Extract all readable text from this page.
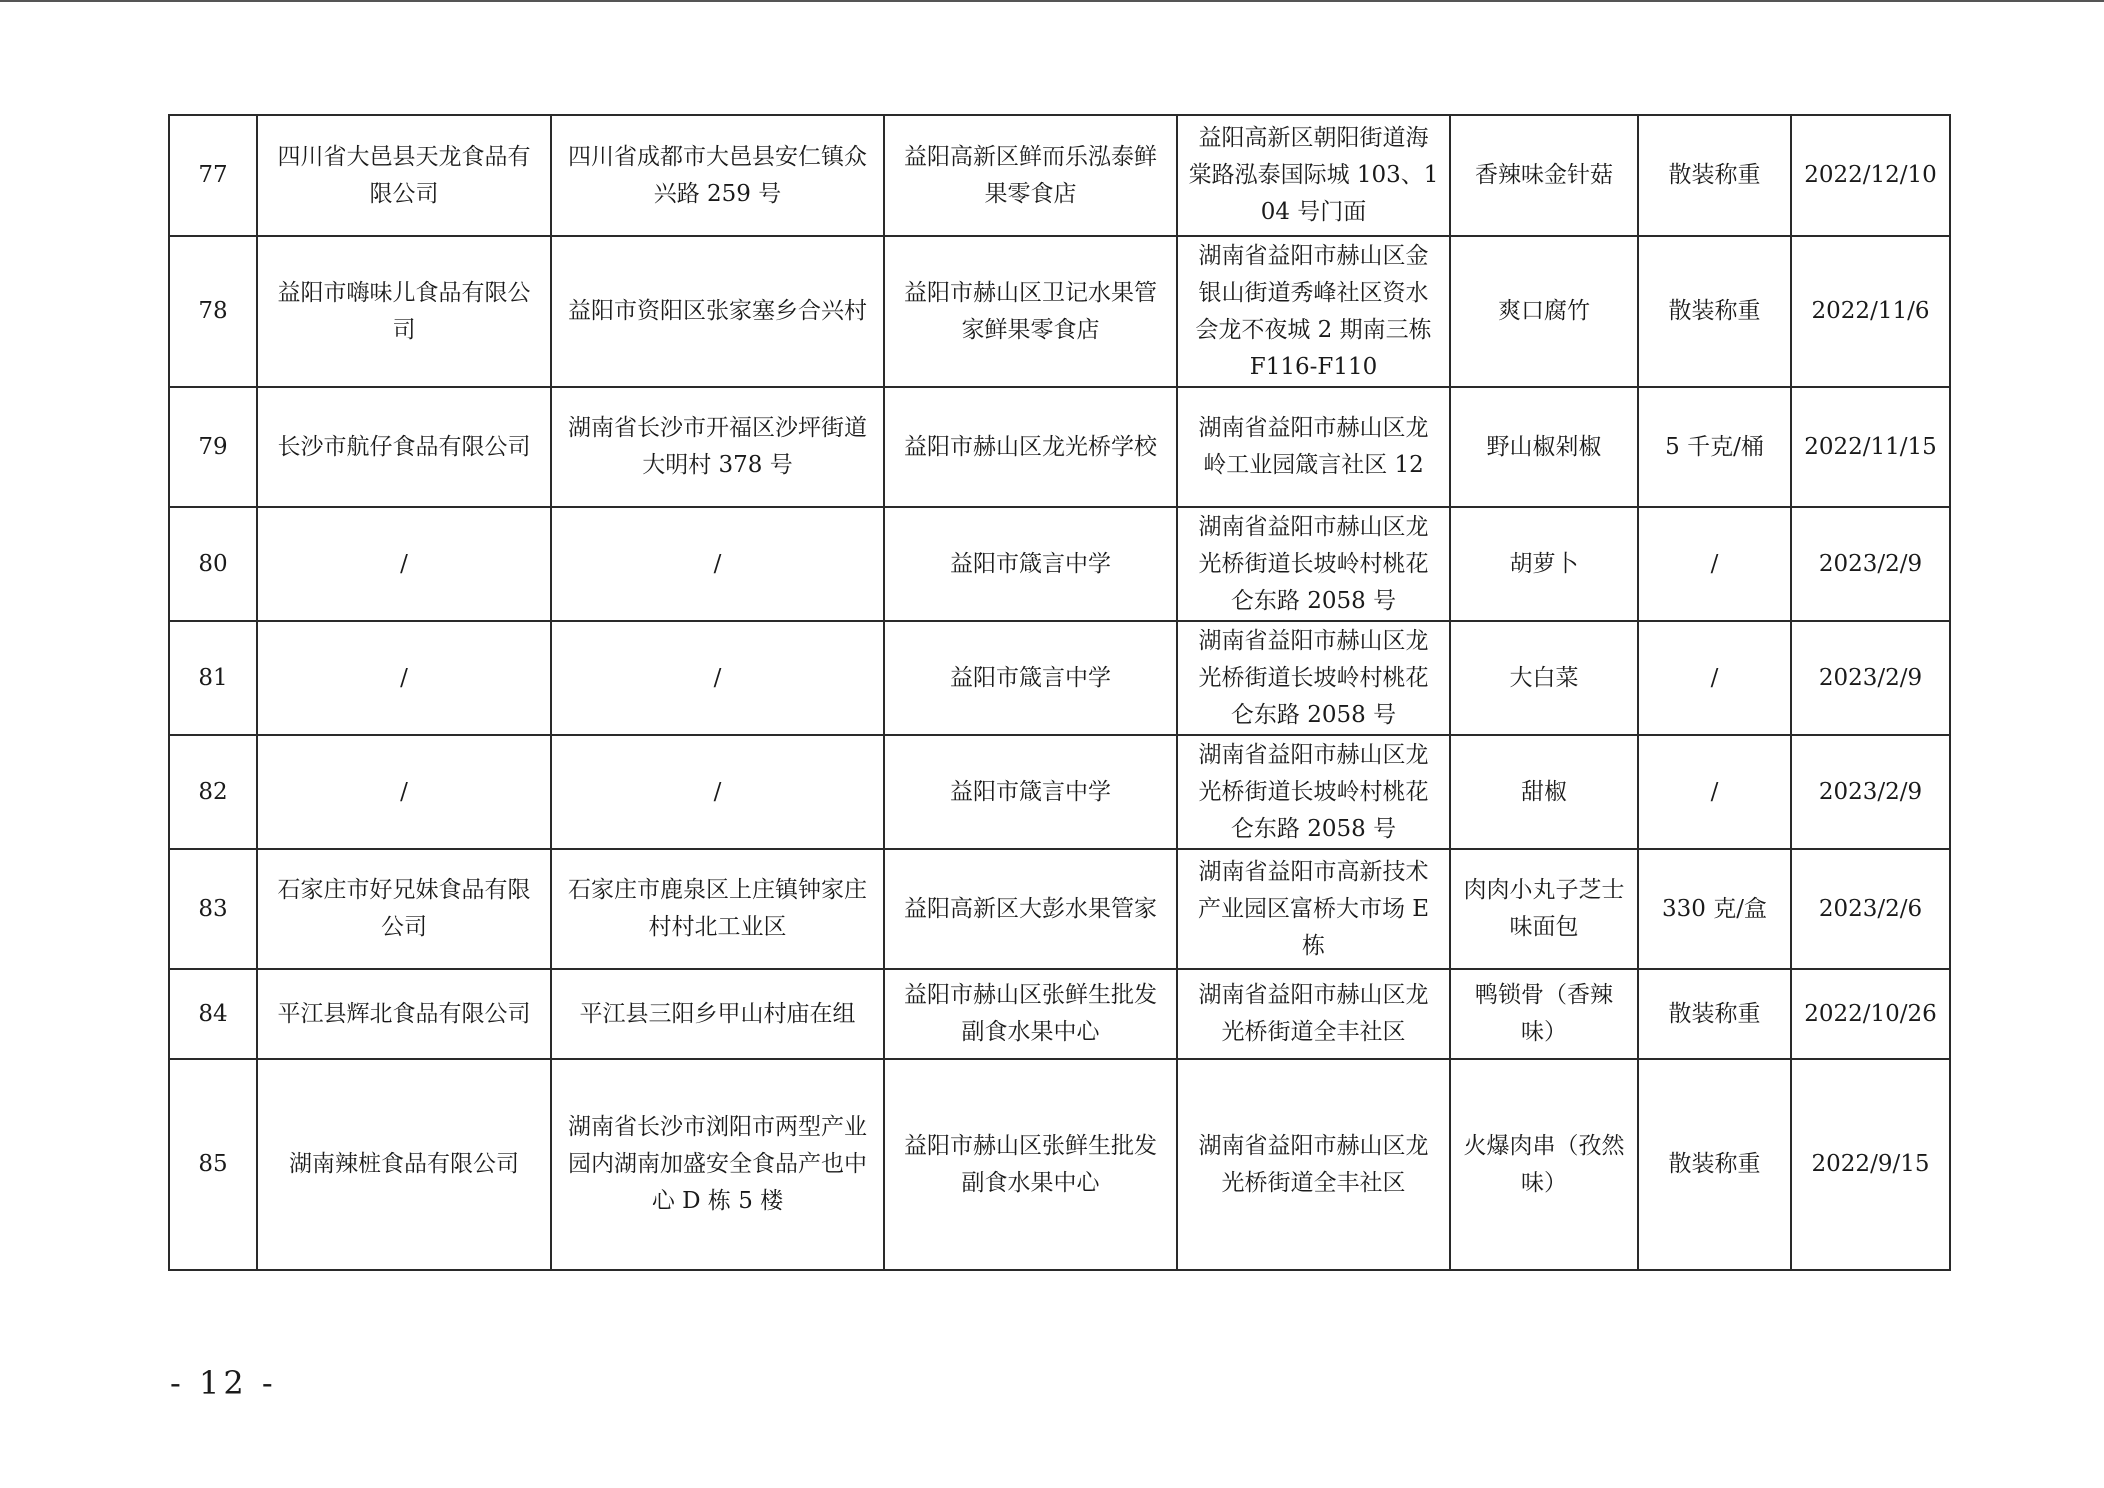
77	四川省大邑县天龙食品有限公司	四川省成都市大邑县安仁镇众兴路 259 号	益阳高新区鲜而乐泓泰鲜果零食店	益阳高新区朝阳街道海棠路泓泰国际城 103、104 号门面	香辣味金针菇	散装称重	2022/12/10
78	益阳市嗨味儿食品有限公司	益阳市资阳区张家塞乡合兴村	益阳市赫山区卫记水果管家鲜果零食店	湖南省益阳市赫山区金银山街道秀峰社区资水会龙不夜城 2 期南三栋 F116-F110	爽口腐竹	散装称重	2022/11/6
79	长沙市航仔食品有限公司	湖南省长沙市开福区沙坪街道大明村 378 号	益阳市赫山区龙光桥学校	湖南省益阳市赫山区龙岭工业园箴言社区 12	野山椒剁椒	5 千克/桶	2022/11/15
80	/	/	益阳市箴言中学	湖南省益阳市赫山区龙光桥街道长坡岭村桃花仑东路 2058 号	胡萝卜	/	2023/2/9
81	/	/	益阳市箴言中学	湖南省益阳市赫山区龙光桥街道长坡岭村桃花仑东路 2058 号	大白菜	/	2023/2/9
82	/	/	益阳市箴言中学	湖南省益阳市赫山区龙光桥街道长坡岭村桃花仑东路 2058 号	甜椒	/	2023/2/9
83	石家庄市好兄妹食品有限公司	石家庄市鹿泉区上庄镇钟家庄村村北工业区	益阳高新区大彭水果管家	湖南省益阳市高新技术产业园区富桥大市场 E 栋	肉肉小丸子芝士味面包	330 克/盒	2023/2/6
84	平江县辉北食品有限公司	平江县三阳乡甲山村庙在组	益阳市赫山区张鲜生批发副食水果中心	湖南省益阳市赫山区龙光桥街道全丰社区	鸭锁骨（香辣味）	散装称重	2022/10/26
85	湖南辣桩食品有限公司	湖南省长沙市浏阳市两型产业园内湖南加盛安全食品产也中心 D 栋 5 楼	益阳市赫山区张鲜生批发副食水果中心	湖南省益阳市赫山区龙光桥街道全丰社区	火爆肉串（孜然味）	散装称重	2022/9/15
- 12 -
